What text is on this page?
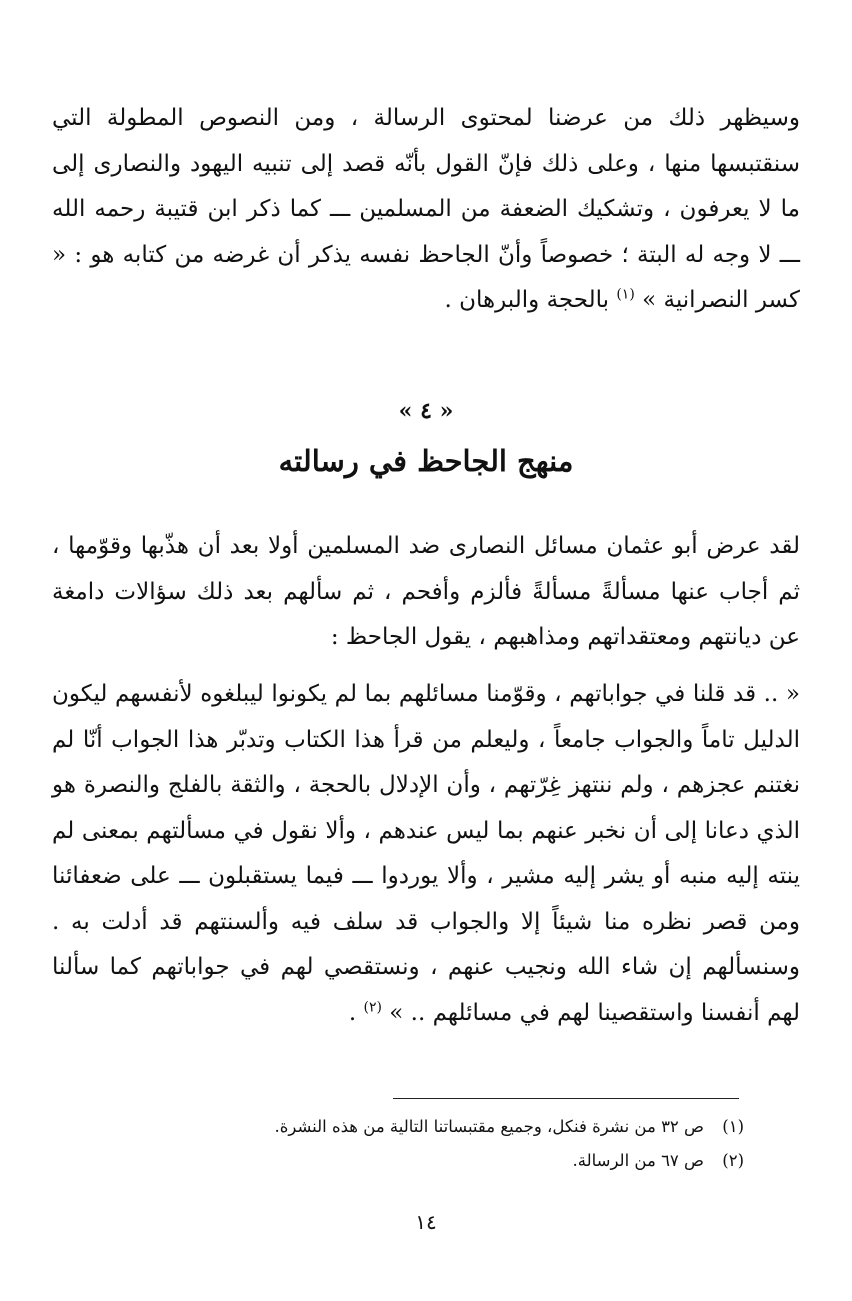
وسيظهر ذلك من عرضنا لمحتوى الرسالة ، ومن النصوص المطولة التي سنقتبسها منها ، وعلى ذلك فإنّ القول بأنّه قصد إلى تنبيه اليهود والنصارى إلى ما لا يعرفون ، وتشكيك الضعفة من المسلمين ـــ كما ذكر ابن قتيبة رحمه الله ـــ لا وجه له البتة ؛ خصوصاً وأنّ الجاحظ نفسه يذكر أن غرضه من كتابه هو : « كسر النصرانية » $^{(١)}$ بالحجة والبرهان .

« ٤ »
منهج الجاحظ في رسالته

لقد عرض أبو عثمان مسائل النصارى ضد المسلمين أولا بعد أن هذّبها وقوّمها ، ثم أجاب عنها مسألةً مسألةً فألزم وأفحم ، ثم سألهم بعد ذلك سؤالات دامغة عن ديانتهم ومعتقداتهم ومذاهبهم ، يقول الجاحظ :

« .. قد قلنا في جواباتهم ، وقوّمنا مسائلهم بما لم يكونوا ليبلغوه لأنفسهم ليكون الدليل تاماً والجواب جامعاً ، وليعلم من قرأ هذا الكتاب وتدبّر هذا الجواب أنّا لم نغتنم عجزهم ، ولم ننتهز غِرّتهم ، وأن الإدلال بالحجة ، والثقة بالفلج والنصرة هو الذي دعانا إلى أن نخبر عنهم بما ليس عندهم ، وألا نقول في مسألتهم بمعنى لم ينته إليه منبه أو يشر إليه مشير ، وألا يوردوا ـــ فيما يستقبلون ـــ على ضعفائنا ومن قصر نظره منا شيئاً إلا والجواب قد سلف فيه وألسنتهم قد أدلت به . وسنسألهم إن شاء الله ونجيب عنهم ، ونستقصي لهم في جواباتهم كما سألنا لهم أنفسنا واستقصينا لهم في مسائلهم .. » $^{(٢)}$ .

(١)ص ٣٢ من نشرة فنكل، وجميع مقتبساتنا التالية من هذه النشرة.
(٢)ص ٦٧ من الرسالة.
١٤
